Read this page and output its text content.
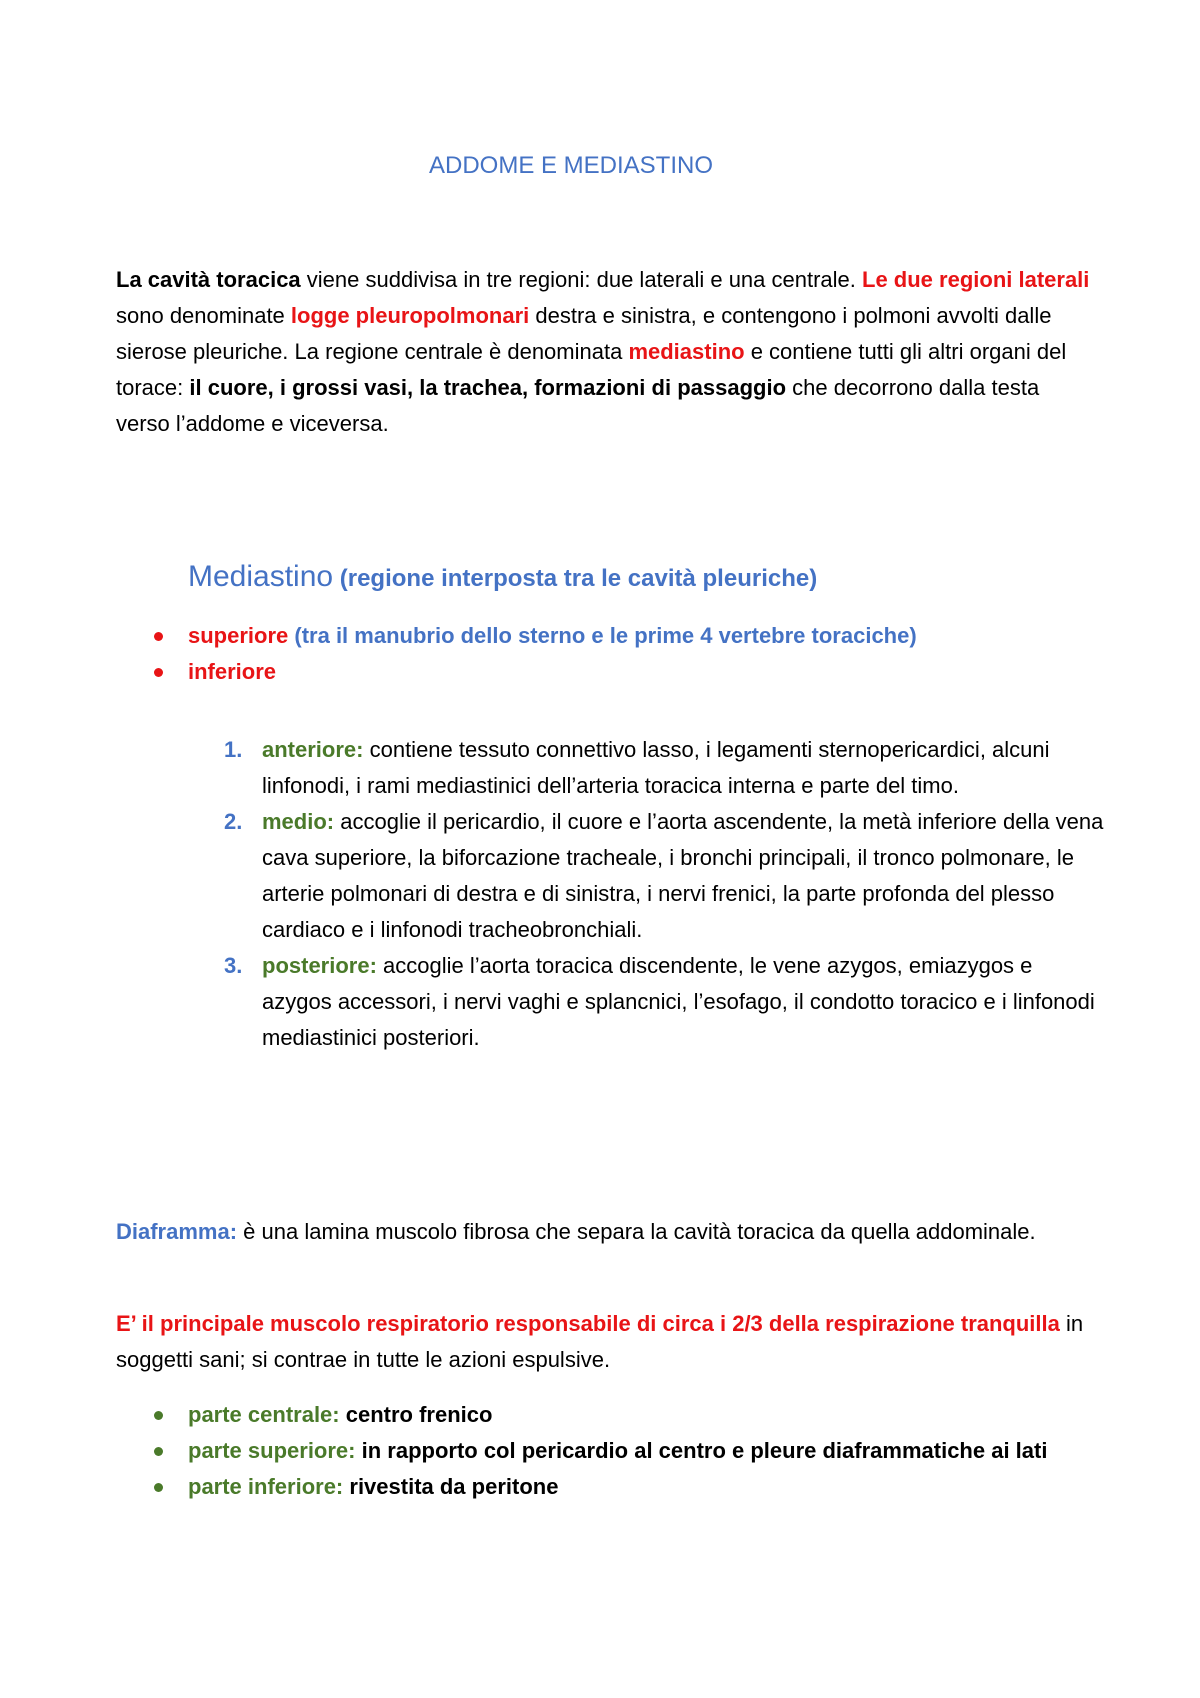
ADDOME E MEDIASTINO

La cavità toracica viene suddivisa in tre regioni: due laterali e una centrale. Le due regioni laterali sono denominate logge pleuropolmonari destra e sinistra, e contengono i polmoni avvolti dalle sierose pleuriche. La regione centrale è denominata mediastino e contiene tutti gli altri organi del torace: il cuore, i grossi vasi, la trachea, formazioni di passaggio che decorrono dalla testa verso l’addome e viceversa.

Mediastino (regione interposta tra le cavità pleuriche)
superiore (tra il manubrio dello sterno e le prime 4 vertebre toraciche)
inferiore
1. anteriore: contiene tessuto connettivo lasso, i legamenti sternopericardici, alcuni linfonodi, i rami mediastinici dell’arteria toracica interna e parte del timo.
2. medio: accoglie il pericardio, il cuore e l’aorta ascendente, la metà inferiore della vena cava superiore, la biforcazione tracheale, i bronchi principali, il tronco polmonare, le arterie polmonari di destra e di sinistra, i nervi frenici, la parte profonda del plesso cardiaco e i linfonodi tracheobronchiali.
3. posteriore: accoglie l’aorta toracica discendente, le vene azygos, emiazygos e azygos accessori, i nervi vaghi e splancnici, l’esofago, il condotto toracico e i linfonodi mediastinici posteriori.

Diaframma: è una lamina muscolo fibrosa che separa la cavità toracica da quella addominale.

E’ il principale muscolo respiratorio responsabile di circa i 2/3 della respirazione tranquilla in soggetti sani; si contrae in tutte le azioni espulsive.

parte centrale: centro frenico
parte superiore: in rapporto col pericardio al centro e pleure diaframmatiche ai lati
parte inferiore: rivestita da peritone
